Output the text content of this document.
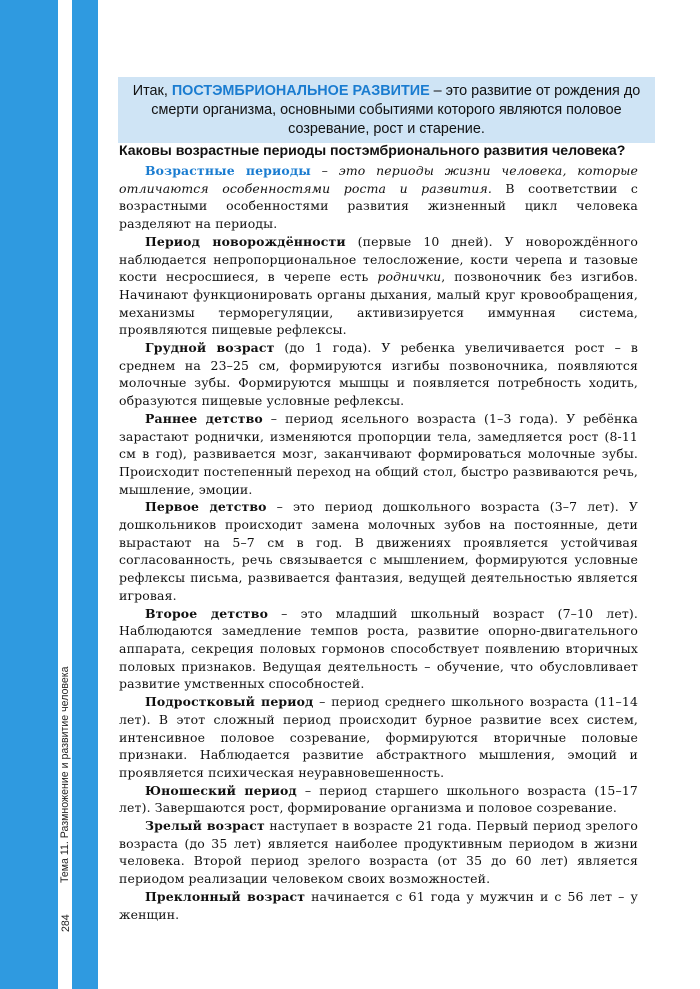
Тема 11. Размножение и развитие человека
284
Итак, ПОСТЭМБРИОНАЛЬНОЕ РАЗВИТИЕ – это развитие от рождения до смерти организма, основными событиями которого являются половое созревание, рост и старение.
Каковы возрастные периоды постэмбрионального развития человека?

Возрастные периоды – это периоды жизни человека, которые отличаются особенностями роста и развития. В соответствии с возрастными особенностями развития жизненный цикл человека разделяют на периоды.

Период новорождённости (первые 10 дней). У новорождённого наблюдается непропорциональное телосложение, кости черепа и тазовые кости несросшиеся, в черепе есть роднички, позвоночник без изгибов. Начинают функционировать органы дыхания, малый круг кровообращения, механизмы терморегуляции, активизируется иммунная система, проявляются пищевые рефлексы.

Грудной возраст (до 1 года). У ребенка увеличивается рост – в среднем на 23–25 см, формируются изгибы позвоночника, появляются молочные зубы. Формируются мышцы и появляется потребность ходить, образуются пищевые условные рефлексы.

Раннее детство – период ясельного возраста (1–3 года). У ребёнка зарастают роднички, изменяются пропорции тела, замедляется рост (8-11 см в год), развивается мозг, заканчивают формироваться молочные зубы. Происходит постепенный переход на общий стол, быстро развиваются речь, мышление, эмоции.

Первое детство – это период дошкольного возраста (3–7 лет). У дошкольников происходит замена молочных зубов на постоянные, дети вырастают на 5–7 см в год. В движениях проявляется устойчивая согласованность, речь связывается с мышлением, формируются условные рефлексы письма, развивается фантазия, ведущей деятельностью является игровая.

Второе детство – это младший школьный возраст (7–10 лет). Наблюдаются замедление темпов роста, развитие опорно-двигательного аппарата, секреция половых гормонов способствует появлению вторичных половых признаков. Ведущая деятельность – обучение, что обусловливает развитие умственных способностей.

Подростковый период – период среднего школьного возраста (11–14 лет). В этот сложный период происходит бурное развитие всех систем, интенсивное половое созревание, формируются вторичные половые признаки. Наблюдается развитие абстрактного мышления, эмоций и проявляется психическая неуравновешенность.

Юношеский период – период старшего школьного возраста (15–17 лет). Завершаются рост, формирование организма и половое созревание.

Зрелый возраст наступает в возрасте 21 года. Первый период зрелого возраста (до 35 лет) является наиболее продуктивным периодом в жизни человека. Второй период зрелого возраста (от 35 до 60 лет) является периодом реализации человеком своих возможностей.

Преклонный возраст начинается с 61 года у мужчин и с 56 лет – у женщин.
